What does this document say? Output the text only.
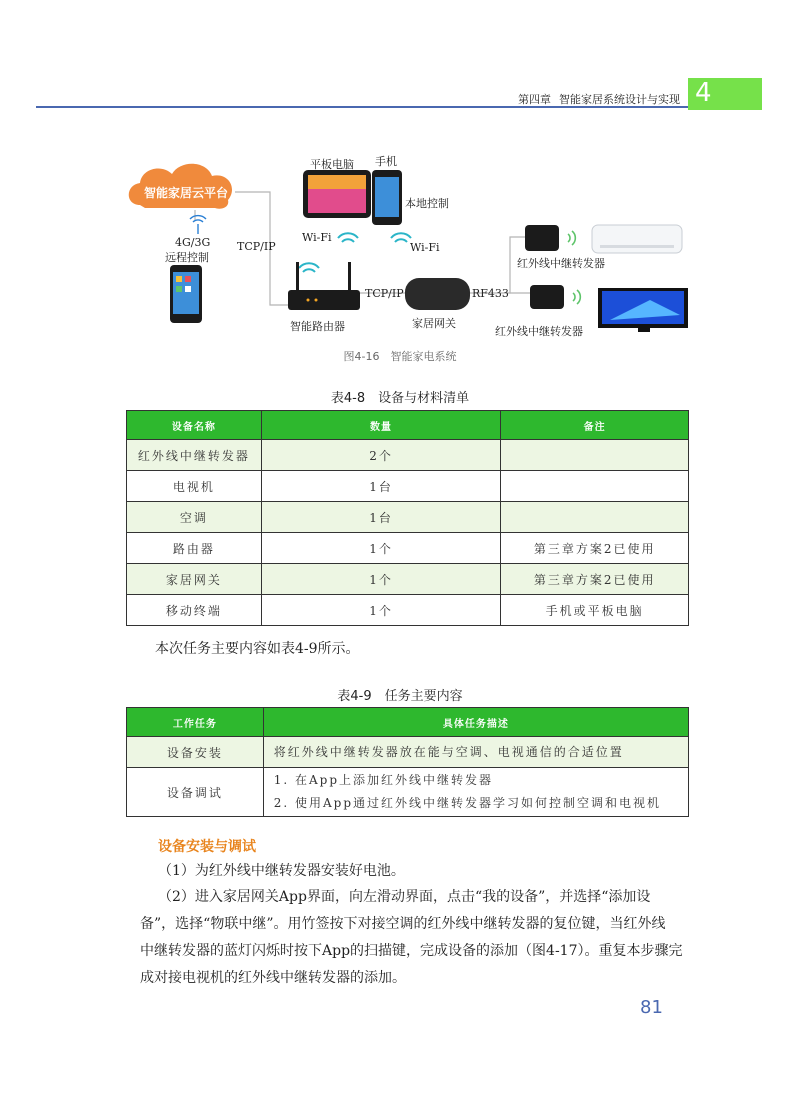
第四章 智能家居系统设计与实现 4
智能家居云平台
4G/3G
远程控制
TCP/IP
平板电脑 手机
本地控制
Wi-Fi
Wi-Fi
TCP/IP	RF433
智能路由器	家居网关
红外线中继转发器
红外线中继转发器
图4-16　智能家电系统
表4-8　设备与材料清单
设备名称	数量	备注
红外线中继转发器	2个	
电视机	1台	
空调	1台	
路由器	1个	第三章方案2已使用
家居网关	1个	第三章方案2已使用
移动终端	1个	手机或平板电脑
本次任务主要内容如表4-9所示。
表4-9　任务主要内容
工作任务	具体任务描述
设备安装	将红外线中继转发器放在能与空调、电视通信的合适位置

设备调试	1. 在App上添加红外线中继转发器
2. 使用App通过红外线中继转发器学习如何控制空调和电视机
设备安装与调试
（1）为红外线中继转发器安装好电池。
（2）进入家居网关App界面，向左滑动界面，点击“我的设备”，并选择“添加设
备”，选择“物联中继”。用竹签按下对接空调的红外线中继转发器的复位键，当红外线
中继转发器的蓝灯闪烁时按下App的扫描键，完成设备的添加（图4-17）。重复本步骤完
成对接电视机的红外线中继转发器的添加。
81
